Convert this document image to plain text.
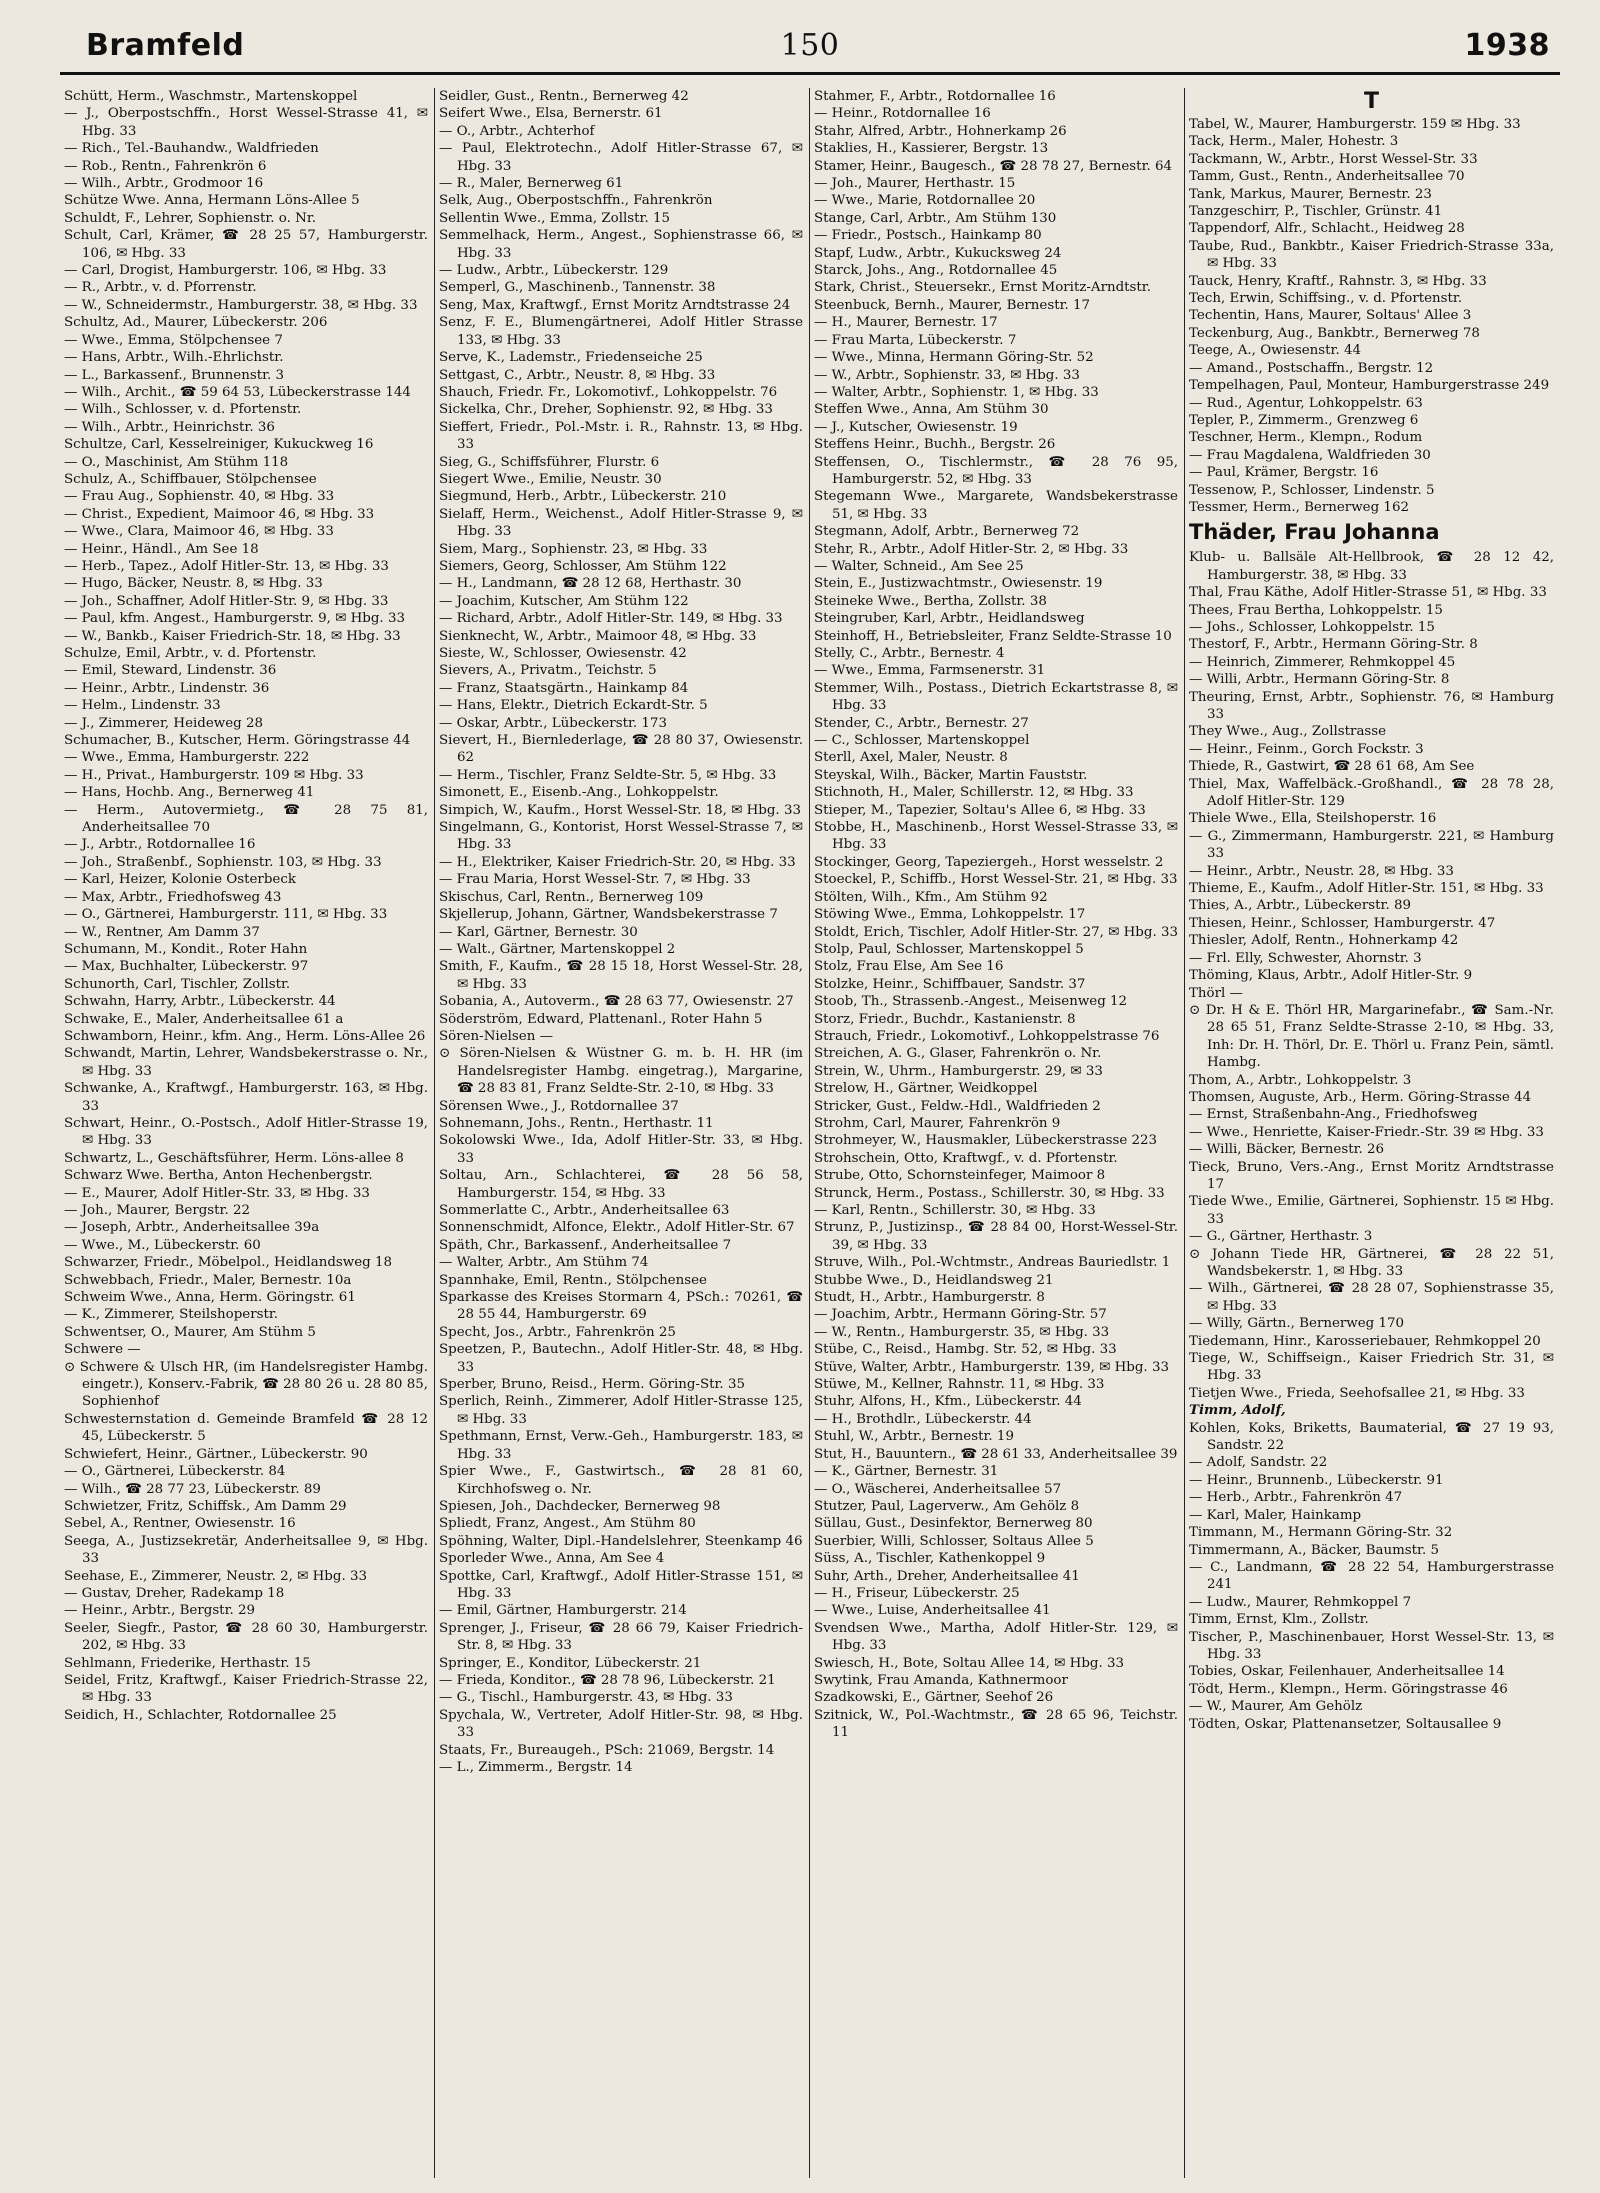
Bramfeld	150	1938
Schütt, Herm., Waschmstr., Martenskoppel
— J., Oberpostschffn., Horst Wessel-Strasse 41, ✉ Hbg. 33
— Rich., Tel.-Bauhandw., Waldfrieden
— Rob., Rentn., Fahrenkrön 6
— Wilh., Arbtr., Grodmoor 16
Schütze Wwe. Anna, Hermann Löns-Allee 5
Schuldt, F., Lehrer, Sophienstr. o. Nr.
Schult, Carl, Krämer, ☎ 28 25 57, Hamburgerstr. 106, ✉ Hbg. 33
— Carl, Drogist, Hamburgerstr. 106, ✉ Hbg. 33
— R., Arbtr., v. d. Pforrenstr.
— W., Schneidermstr., Hamburgerstr. 38, ✉ Hbg. 33
Schultz, Ad., Maurer, Lübeckerstr. 206
— Wwe., Emma, Stölpchensee 7
— Hans, Arbtr., Wilh.-Ehrlichstr.
— L., Barkassenf., Brunnenstr. 3
— Wilh., Archit., ☎ 59 64 53, Lübeckerstrasse 144
— Wilh., Schlosser, v. d. Pfortenstr.
— Wilh., Arbtr., Heinrichstr. 36
Schultze, Carl, Kesselreiniger, Kukuckweg 16
— O., Maschinist, Am Stühm 118
Schulz, A., Schiffbauer, Stölpchensee
— Frau Aug., Sophienstr. 40, ✉ Hbg. 33
— Christ., Expedient, Maimoor 46, ✉ Hbg. 33
— Wwe., Clara, Maimoor 46, ✉ Hbg. 33
— Heinr., Händl., Am See 18
— Herb., Tapez., Adolf Hitler-Str. 13, ✉ Hbg. 33
— Hugo, Bäcker, Neustr. 8, ✉ Hbg. 33
— Joh., Schaffner, Adolf Hitler-Str. 9, ✉ Hbg. 33
— Paul, kfm. Angest., Hamburgerstr. 9, ✉ Hbg. 33
— W., Bankb., Kaiser Friedrich-Str. 18, ✉ Hbg. 33
Schulze, Emil, Arbtr., v. d. Pfortenstr.
— Emil, Steward, Lindenstr. 36
— Heinr., Arbtr., Lindenstr. 36
— Helm., Lindenstr. 33
— J., Zimmerer, Heideweg 28
Schumacher, B., Kutscher, Herm. Göringstrasse 44
— Wwe., Emma, Hamburgerstr. 222
— H., Privat., Hamburgerstr. 109 ✉ Hbg. 33
— Hans, Hochb. Ang., Bernerweg 41
— Herm., Autovermietg., ☎ 28 75 81, Anderheitsallee 70
— J., Arbtr., Rotdornallee 16
— Joh., Straßenbf., Sophienstr. 103, ✉ Hbg. 33
— Karl, Heizer, Kolonie Osterbeck
— Max, Arbtr., Friedhofsweg 43
— O., Gärtnerei, Hamburgerstr. 111, ✉ Hbg. 33
— W., Rentner, Am Damm 37
Schumann, M., Kondit., Roter Hahn
— Max, Buchhalter, Lübeckerstr. 97
Schunorth, Carl, Tischler, Zollstr.
Schwahn, Harry, Arbtr., Lübeckerstr. 44
Schwake, E., Maler, Anderheitsallee 61 a
Schwamborn, Heinr., kfm. Ang., Herm. Löns-Allee 26
Schwandt, Martin, Lehrer, Wandsbekerstrasse o. Nr., ✉ Hbg. 33
Schwanke, A., Kraftwgf., Hamburgerstr. 163, ✉ Hbg. 33
Schwart, Heinr., O.-Postsch., Adolf Hitler-Strasse 19, ✉ Hbg. 33
Schwartz, L., Geschäftsführer, Herm. Löns-allee 8
Schwarz Wwe. Bertha, Anton Hechenbergstr.
— E., Maurer, Adolf Hitler-Str. 33, ✉ Hbg. 33
— Joh., Maurer, Bergstr. 22
— Joseph, Arbtr., Anderheitsallee 39a
— Wwe., M., Lübeckerstr. 60
Schwarzer, Friedr., Möbelpol., Heidlandsweg 18
Schwebbach, Friedr., Maler, Bernestr. 10a
Schweim Wwe., Anna, Herm. Göringstr. 61
— K., Zimmerer, Steilshoperstr.
Schwentser, O., Maurer, Am Stühm 5
Schwere —
⊙ Schwere & Ulsch HR, (im Handelsregister Hambg. eingetr.), Konserv.-Fabrik, ☎ 28 80 26 u. 28 80 85, Sophienhof
Schwesternstation d. Gemeinde Bramfeld ☎ 28 12 45, Lübeckerstr. 5
Schwiefert, Heinr., Gärtner., Lübeckerstr. 90
— O., Gärtnerei, Lübeckerstr. 84
— Wilh., ☎ 28 77 23, Lübeckerstr. 89
Schwietzer, Fritz, Schiffsk., Am Damm 29
Sebel, A., Rentner, Owiesenstr. 16
Seega, A., Justizsekretär, Anderheitsallee 9, ✉ Hbg. 33
Seehase, E., Zimmerer, Neustr. 2, ✉ Hbg. 33
— Gustav, Dreher, Radekamp 18
— Heinr., Arbtr., Bergstr. 29
Seeler, Siegfr., Pastor, ☎ 28 60 30, Hamburgerstr. 202, ✉ Hbg. 33
Sehlmann, Friederike, Herthastr. 15
Seidel, Fritz, Kraftwgf., Kaiser Friedrich-Strasse 22, ✉ Hbg. 33
Seidich, H., Schlachter, Rotdornallee 25
Seidler, Gust., Rentn., Bernerweg 42
Seifert Wwe., Elsa, Bernerstr. 61
— O., Arbtr., Achterhof
— Paul, Elektrotechn., Adolf Hitler-Strasse 67, ✉ Hbg. 33
— R., Maler, Bernerweg 61
Selk, Aug., Oberpostschffn., Fahrenkrön
Sellentin Wwe., Emma, Zollstr. 15
Semmelhack, Herm., Angest., Sophienstrasse 66, ✉ Hbg. 33
— Ludw., Arbtr., Lübeckerstr. 129
Semperl, G., Maschinenb., Tannenstr. 38
Seng, Max, Kraftwgf., Ernst Moritz Arndtstrasse 24
Senz, F. E., Blumengärtnerei, Adolf Hitler Strasse 133, ✉ Hbg. 33
Serve, K., Lademstr., Friedenseiche 25
Settgast, C., Arbtr., Neustr. 8, ✉ Hbg. 33
Shauch, Friedr. Fr., Lokomotivf., Lohkoppelstr. 76
Sickelka, Chr., Dreher, Sophienstr. 92, ✉ Hbg. 33
Sieffert, Friedr., Pol.-Mstr. i. R., Rahnstr. 13, ✉ Hbg. 33
Sieg, G., Schiffsführer, Flurstr. 6
Siegert Wwe., Emilie, Neustr. 30
Siegmund, Herb., Arbtr., Lübeckerstr. 210
Sielaff, Herm., Weichenst., Adolf Hitler-Strasse 9, ✉ Hbg. 33
Siem, Marg., Sophienstr. 23, ✉ Hbg. 33
Siemers, Georg, Schlosser, Am Stühm 122
— H., Landmann, ☎ 28 12 68, Herthastr. 30
— Joachim, Kutscher, Am Stühm 122
— Richard, Arbtr., Adolf Hitler-Str. 149, ✉ Hbg. 33
Sienknecht, W., Arbtr., Maimoor 48, ✉ Hbg. 33
Sieste, W., Schlosser, Owiesenstr. 42
Sievers, A., Privatm., Teichstr. 5
— Franz, Staatsgärtn., Hainkamp 84
— Hans, Elektr., Dietrich Eckardt-Str. 5
— Oskar, Arbtr., Lübeckerstr. 173
Sievert, H., Biernlederlage, ☎ 28 80 37, Owiesenstr. 62
— Herm., Tischler, Franz Seldte-Str. 5, ✉ Hbg. 33
Simonett, E., Eisenb.-Ang., Lohkoppelstr.
Simpich, W., Kaufm., Horst Wessel-Str. 18, ✉ Hbg. 33
Singelmann, G., Kontorist, Horst Wessel-Strasse 7, ✉ Hbg. 33
— H., Elektriker, Kaiser Friedrich-Str. 20, ✉ Hbg. 33
— Frau Maria, Horst Wessel-Str. 7, ✉ Hbg. 33
Skischus, Carl, Rentn., Bernerweg 109
Skjellerup, Johann, Gärtner, Wandsbekerstrasse 7
— Karl, Gärtner, Bernestr. 30
— Walt., Gärtner, Martenskoppel 2
Smith, F., Kaufm., ☎ 28 15 18, Horst Wessel-Str. 28, ✉ Hbg. 33
Sobania, A., Autoverm., ☎ 28 63 77, Owiesenstr. 27
Söderström, Edward, Plattenanl., Roter Hahn 5
Sören-Nielsen —
⊙ Sören-Nielsen & Wüstner G. m. b. H. HR (im Handelsregister Hambg. eingetrag.), Margarine, ☎ 28 83 81, Franz Seldte-Str. 2-10, ✉ Hbg. 33
Sörensen Wwe., J., Rotdornallee 37
Sohnemann, Johs., Rentn., Herthastr. 11
Sokolowski Wwe., Ida, Adolf Hitler-Str. 33, ✉ Hbg. 33
Soltau, Arn., Schlachterei, ☎ 28 56 58, Hamburgerstr. 154, ✉ Hbg. 33
Sommerlatte C., Arbtr., Anderheitsallee 63
Sonnenschmidt, Alfonce, Elektr., Adolf Hitler-Str. 67
Späth, Chr., Barkassenf., Anderheitsallee 7
— Walter, Arbtr., Am Stühm 74
Spannhake, Emil, Rentn., Stölpchensee
Sparkasse des Kreises Stormarn 4, PSch.: 70261, ☎ 28 55 44, Hamburgerstr. 69
Specht, Jos., Arbtr., Fahrenkrön 25
Speetzen, P., Bautechn., Adolf Hitler-Str. 48, ✉ Hbg. 33
Sperber, Bruno, Reisd., Herm. Göring-Str. 35
Sperlich, Reinh., Zimmerer, Adolf Hitler-Strasse 125, ✉ Hbg. 33
Spethmann, Ernst, Verw.-Geh., Hamburgerstr. 183, ✉ Hbg. 33
Spier Wwe., F., Gastwirtsch., ☎ 28 81 60, Kirchhofsweg o. Nr.
Spiesen, Joh., Dachdecker, Bernerweg 98
Spliedt, Franz, Angest., Am Stühm 80
Spöhning, Walter, Dipl.-Handelslehrer, Steenkamp 46
Sporleder Wwe., Anna, Am See 4
Spottke, Carl, Kraftwgf., Adolf Hitler-Strasse 151, ✉ Hbg. 33
— Emil, Gärtner, Hamburgerstr. 214
Sprenger, J., Friseur, ☎ 28 66 79, Kaiser Friedrich-Str. 8, ✉ Hbg. 33
Springer, E., Konditor, Lübeckerstr. 21
— Frieda, Konditor., ☎ 28 78 96, Lübeckerstr. 21
— G., Tischl., Hamburgerstr. 43, ✉ Hbg. 33
Spychala, W., Vertreter, Adolf Hitler-Str. 98, ✉ Hbg. 33
Staats, Fr., Bureaugeh., PSch: 21069, Bergstr. 14
— L., Zimmerm., Bergstr. 14
Stahmer, F., Arbtr., Rotdornallee 16
— Heinr., Rotdornallee 16
Stahr, Alfred, Arbtr., Hohnerkamp 26
Staklies, H., Kassierer, Bergstr. 13
Stamer, Heinr., Baugesch., ☎ 28 78 27, Bernestr. 64
— Joh., Maurer, Herthastr. 15
— Wwe., Marie, Rotdornallee 20
Stange, Carl, Arbtr., Am Stühm 130
— Friedr., Postsch., Hainkamp 80
Stapf, Ludw., Arbtr., Kukucksweg 24
Starck, Johs., Ang., Rotdornallee 45
Stark, Christ., Steuersekr., Ernst Moritz-Arndtstr.
Steenbuck, Bernh., Maurer, Bernestr. 17
— H., Maurer, Bernestr. 17
— Frau Marta, Lübeckerstr. 7
— Wwe., Minna, Hermann Göring-Str. 52
— W., Arbtr., Sophienstr. 33, ✉ Hbg. 33
— Walter, Arbtr., Sophienstr. 1, ✉ Hbg. 33
Steffen Wwe., Anna, Am Stühm 30
— J., Kutscher, Owiesenstr. 19
Steffens Heinr., Buchh., Bergstr. 26
Steffensen, O., Tischlermstr., ☎ 28 76 95, Hamburgerstr. 52, ✉ Hbg. 33
Stegemann Wwe., Margarete, Wandsbekerstrasse 51, ✉ Hbg. 33
Stegmann, Adolf, Arbtr., Bernerweg 72
Stehr, R., Arbtr., Adolf Hitler-Str. 2, ✉ Hbg. 33
— Walter, Schneid., Am See 25
Stein, E., Justizwachtmstr., Owiesenstr. 19
Steineke Wwe., Bertha, Zollstr. 38
Steingruber, Karl, Arbtr., Heidlandsweg
Steinhoff, H., Betriebsleiter, Franz Seldte-Strasse 10
Stelly, C., Arbtr., Bernestr. 4
— Wwe., Emma, Farmsenerstr. 31
Stemmer, Wilh., Postass., Dietrich Eckartstrasse 8, ✉ Hbg. 33
Stender, C., Arbtr., Bernestr. 27
— C., Schlosser, Martenskoppel
Sterll, Axel, Maler, Neustr. 8
Steyskal, Wilh., Bäcker, Martin Fauststr.
Stichnoth, H., Maler, Schillerstr. 12, ✉ Hbg. 33
Stieper, M., Tapezier, Soltau's Allee 6, ✉ Hbg. 33
Stobbe, H., Maschinenb., Horst Wessel-Strasse 33, ✉ Hbg. 33
Stockinger, Georg, Tapeziergeh., Horst wesselstr. 2
Stoeckel, P., Schiffb., Horst Wessel-Str. 21, ✉ Hbg. 33
Stölten, Wilh., Kfm., Am Stühm 92
Stöwing Wwe., Emma, Lohkoppelstr. 17
Stoldt, Erich, Tischler, Adolf Hitler-Str. 27, ✉ Hbg. 33
Stolp, Paul, Schlosser, Martenskoppel 5
Stolz, Frau Else, Am See 16
Stolzke, Heinr., Schiffbauer, Sandstr. 37
Stoob, Th., Strassenb.-Angest., Meisenweg 12
Storz, Friedr., Buchdr., Kastanienstr. 8
Strauch, Friedr., Lokomotivf., Lohkoppelstrasse 76
Streichen, A. G., Glaser, Fahrenkrön o. Nr.
Strein, W., Uhrm., Hamburgerstr. 29, ✉ 33
Strelow, H., Gärtner, Weidkoppel
Stricker, Gust., Feldw.-Hdl., Waldfrieden 2
Strohm, Carl, Maurer, Fahrenkrön 9
Strohmeyer, W., Hausmakler, Lübeckerstrasse 223
Strohschein, Otto, Kraftwgf., v. d. Pfortenstr.
Strube, Otto, Schornsteinfeger, Maimoor 8
Strunck, Herm., Postass., Schillerstr. 30, ✉ Hbg. 33
— Karl, Rentn., Schillerstr. 30, ✉ Hbg. 33
Strunz, P., Justizinsp., ☎ 28 84 00, Horst-Wessel-Str. 39, ✉ Hbg. 33
Struve, Wilh., Pol.-Wchtmstr., Andreas Bauriedlstr. 1
Stubbe Wwe., D., Heidlandsweg 21
Studt, H., Arbtr., Hamburgerstr. 8
— Joachim, Arbtr., Hermann Göring-Str. 57
— W., Rentn., Hamburgerstr. 35, ✉ Hbg. 33
Stübe, C., Reisd., Hambg. Str. 52, ✉ Hbg. 33
Stüve, Walter, Arbtr., Hamburgerstr. 139, ✉ Hbg. 33
Stüwe, M., Kellner, Rahnstr. 11, ✉ Hbg. 33
Stuhr, Alfons, H., Kfm., Lübeckerstr. 44
— H., Brothdlr., Lübeckerstr. 44
Stuhl, W., Arbtr., Bernestr. 19
Stut, H., Bauuntern., ☎ 28 61 33, Anderheitsallee 39
— K., Gärtner, Bernestr. 31
— O., Wäscherei, Anderheitsallee 57
Stutzer, Paul, Lagerverw., Am Gehölz 8
Süllau, Gust., Desinfektor, Bernerweg 80
Suerbier, Willi, Schlosser, Soltaus Allee 5
Süss, A., Tischler, Kathenkoppel 9
Suhr, Arth., Dreher, Anderheitsallee 41
— H., Friseur, Lübeckerstr. 25
— Wwe., Luise, Anderheitsallee 41
Svendsen Wwe., Martha, Adolf Hitler-Str. 129, ✉ Hbg. 33
Swiesch, H., Bote, Soltau Allee 14, ✉ Hbg. 33
Swytink, Frau Amanda, Kathnermoor
Szadkowski, E., Gärtner, Seehof 26
Szitnick, W., Pol.-Wachtmstr., ☎ 28 65 96, Teichstr. 11
T
Tabel, W., Maurer, Hamburgerstr. 159 ✉ Hbg. 33
Tack, Herm., Maler, Hohestr. 3
Tackmann, W., Arbtr., Horst Wessel-Str. 33
Tamm, Gust., Rentn., Anderheitsallee 70
Tank, Markus, Maurer, Bernestr. 23
Tanzgeschirr, P., Tischler, Grünstr. 41
Tappendorf, Alfr., Schlacht., Heidweg 28
Taube, Rud., Bankbtr., Kaiser Friedrich-Strasse 33a, ✉ Hbg. 33
Tauck, Henry, Kraftf., Rahnstr. 3, ✉ Hbg. 33
Tech, Erwin, Schiffsing., v. d. Pfortenstr.
Techentin, Hans, Maurer, Soltaus' Allee 3
Teckenburg, Aug., Bankbtr., Bernerweg 78
Teege, A., Owiesenstr. 44
— Amand., Postschaffn., Bergstr. 12
Tempelhagen, Paul, Monteur, Hamburgerstrasse 249
— Rud., Agentur, Lohkoppelstr. 63
Tepler, P., Zimmerm., Grenzweg 6
Teschner, Herm., Klempn., Rodum
— Frau Magdalena, Waldfrieden 30
— Paul, Krämer, Bergstr. 16
Tessenow, P., Schlosser, Lindenstr. 5
Tessmer, Herm., Bernerweg 162
Thäder, Frau Johanna
Klub- u. Ballsäle Alt-Hellbrook, ☎ 28 12 42, Hamburgerstr. 38, ✉ Hbg. 33
Thal, Frau Käthe, Adolf Hitler-Strasse 51, ✉ Hbg. 33
Thees, Frau Bertha, Lohkoppelstr. 15
— Johs., Schlosser, Lohkoppelstr. 15
Thestorf, F., Arbtr., Hermann Göring-Str. 8
— Heinrich, Zimmerer, Rehmkoppel 45
— Willi, Arbtr., Hermann Göring-Str. 8
Theuring, Ernst, Arbtr., Sophienstr. 76, ✉ Hamburg 33
They Wwe., Aug., Zollstrasse
— Heinr., Feinm., Gorch Fockstr. 3
Thiede, R., Gastwirt, ☎ 28 61 68, Am See
Thiel, Max, Waffelbäck.-Großhandl., ☎ 28 78 28, Adolf Hitler-Str. 129
Thiele Wwe., Ella, Steilshoperstr. 16
— G., Zimmermann, Hamburgerstr. 221, ✉ Hamburg 33
— Heinr., Arbtr., Neustr. 28, ✉ Hbg. 33
Thieme, E., Kaufm., Adolf Hitler-Str. 151, ✉ Hbg. 33
Thies, A., Arbtr., Lübeckerstr. 89
Thiesen, Heinr., Schlosser, Hamburgerstr. 47
Thiesler, Adolf, Rentn., Hohnerkamp 42
— Frl. Elly, Schwester, Ahornstr. 3
Thöming, Klaus, Arbtr., Adolf Hitler-Str. 9
Thörl —
⊙ Dr. H & E. Thörl HR, Margarinefabr., ☎ Sam.-Nr. 28 65 51, Franz Seldte-Strasse 2-10, ✉ Hbg. 33, Inh: Dr. H. Thörl, Dr. E. Thörl u. Franz Pein, sämtl. Hambg.
Thom, A., Arbtr., Lohkoppelstr. 3
Thomsen, Auguste, Arb., Herm. Göring-Strasse 44
— Ernst, Straßenbahn-Ang., Friedhofsweg
— Wwe., Henriette, Kaiser-Friedr.-Str. 39 ✉ Hbg. 33
— Willi, Bäcker, Bernestr. 26
Tieck, Bruno, Vers.-Ang., Ernst Moritz Arndtstrasse 17
Tiede Wwe., Emilie, Gärtnerei, Sophienstr. 15 ✉ Hbg. 33
— G., Gärtner, Herthastr. 3
⊙ Johann Tiede HR, Gärtnerei, ☎ 28 22 51, Wandsbekerstr. 1, ✉ Hbg. 33
— Wilh., Gärtnerei, ☎ 28 28 07, Sophienstrasse 35, ✉ Hbg. 33
— Willy, Gärtn., Bernerweg 170
Tiedemann, Hinr., Karosseriebauer, Rehmkoppel 20
Tiege, W., Schiffseign., Kaiser Friedrich Str. 31, ✉ Hbg. 33
Tietjen Wwe., Frieda, Seehofsallee 21, ✉ Hbg. 33
Timm, Adolf,
Kohlen, Koks, Briketts, Baumaterial, ☎ 27 19 93, Sandstr. 22
— Adolf, Sandstr. 22
— Heinr., Brunnenb., Lübeckerstr. 91
— Herb., Arbtr., Fahrenkrön 47
— Karl, Maler, Hainkamp
Timmann, M., Hermann Göring-Str. 32
Timmermann, A., Bäcker, Baumstr. 5
— C., Landmann, ☎ 28 22 54, Hamburgerstrasse 241
— Ludw., Maurer, Rehmkoppel 7
Timm, Ernst, Klm., Zollstr.
Tischer, P., Maschinenbauer, Horst Wessel-Str. 13, ✉ Hbg. 33
Tobies, Oskar, Feilenhauer, Anderheitsallee 14
Tödt, Herm., Klempn., Herm. Göringstrasse 46
— W., Maurer, Am Gehölz
Tödten, Oskar, Plattenansetzer, Soltausallee 9
